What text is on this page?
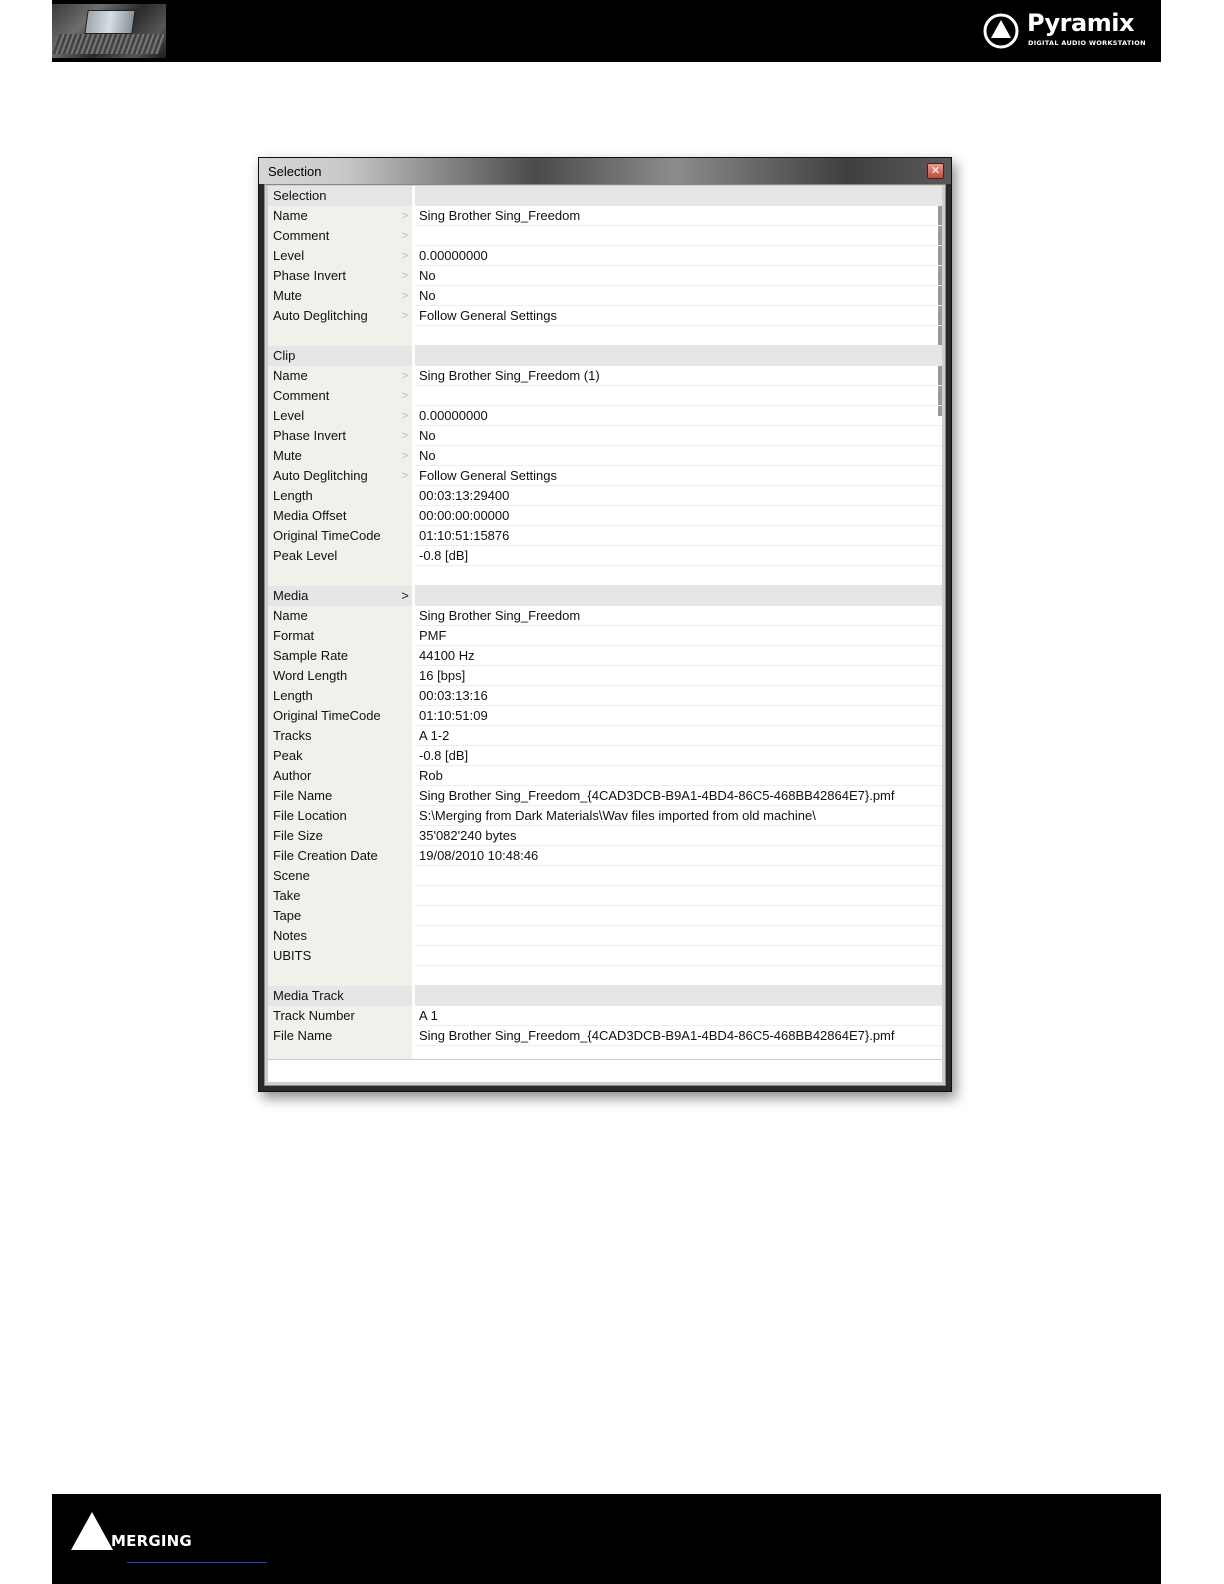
Pyramix
DIGITAL AUDIO WORKSTATION
Selection	✕
Selection
Name	> Sing Brother Sing_Freedom
Comment	>
Level	> 0.00000000
Phase Invert	> No
Mute	> No
Auto Deglitching	> Follow General Settings
Clip
Name	> Sing Brother Sing_Freedom (1)
Comment	>
Level	> 0.00000000
Phase Invert	> No
Mute	> No
Auto Deglitching	> Follow General Settings
Length	00:03:13:29400
Media Offset	00:00:00:00000
Original TimeCode	01:10:51:15876
Peak Level	-0.8 [dB]
Media	>
Name	Sing Brother Sing_Freedom
Format	PMF
Sample Rate	44100 Hz
Word Length	16 [bps]
Length	00:03:13:16
Original TimeCode	01:10:51:09
Tracks	A 1-2
Peak	-0.8 [dB]
Author	Rob
File Name	Sing Brother Sing_Freedom_{4CAD3DCB-B9A1-4BD4-86C5-468BB42864E7}.pmf
File Location	S:\Merging from Dark Materials\Wav files imported from old machine\
File Size	35'082'240 bytes
File Creation Date	19/08/2010 10:48:46
Scene
Take
Tape
Notes
UBITS
Media Track
Track Number	A 1
File Name	Sing Brother Sing_Freedom_{4CAD3DCB-B9A1-4BD4-86C5-468BB42864E7}.pmf
MERGING
